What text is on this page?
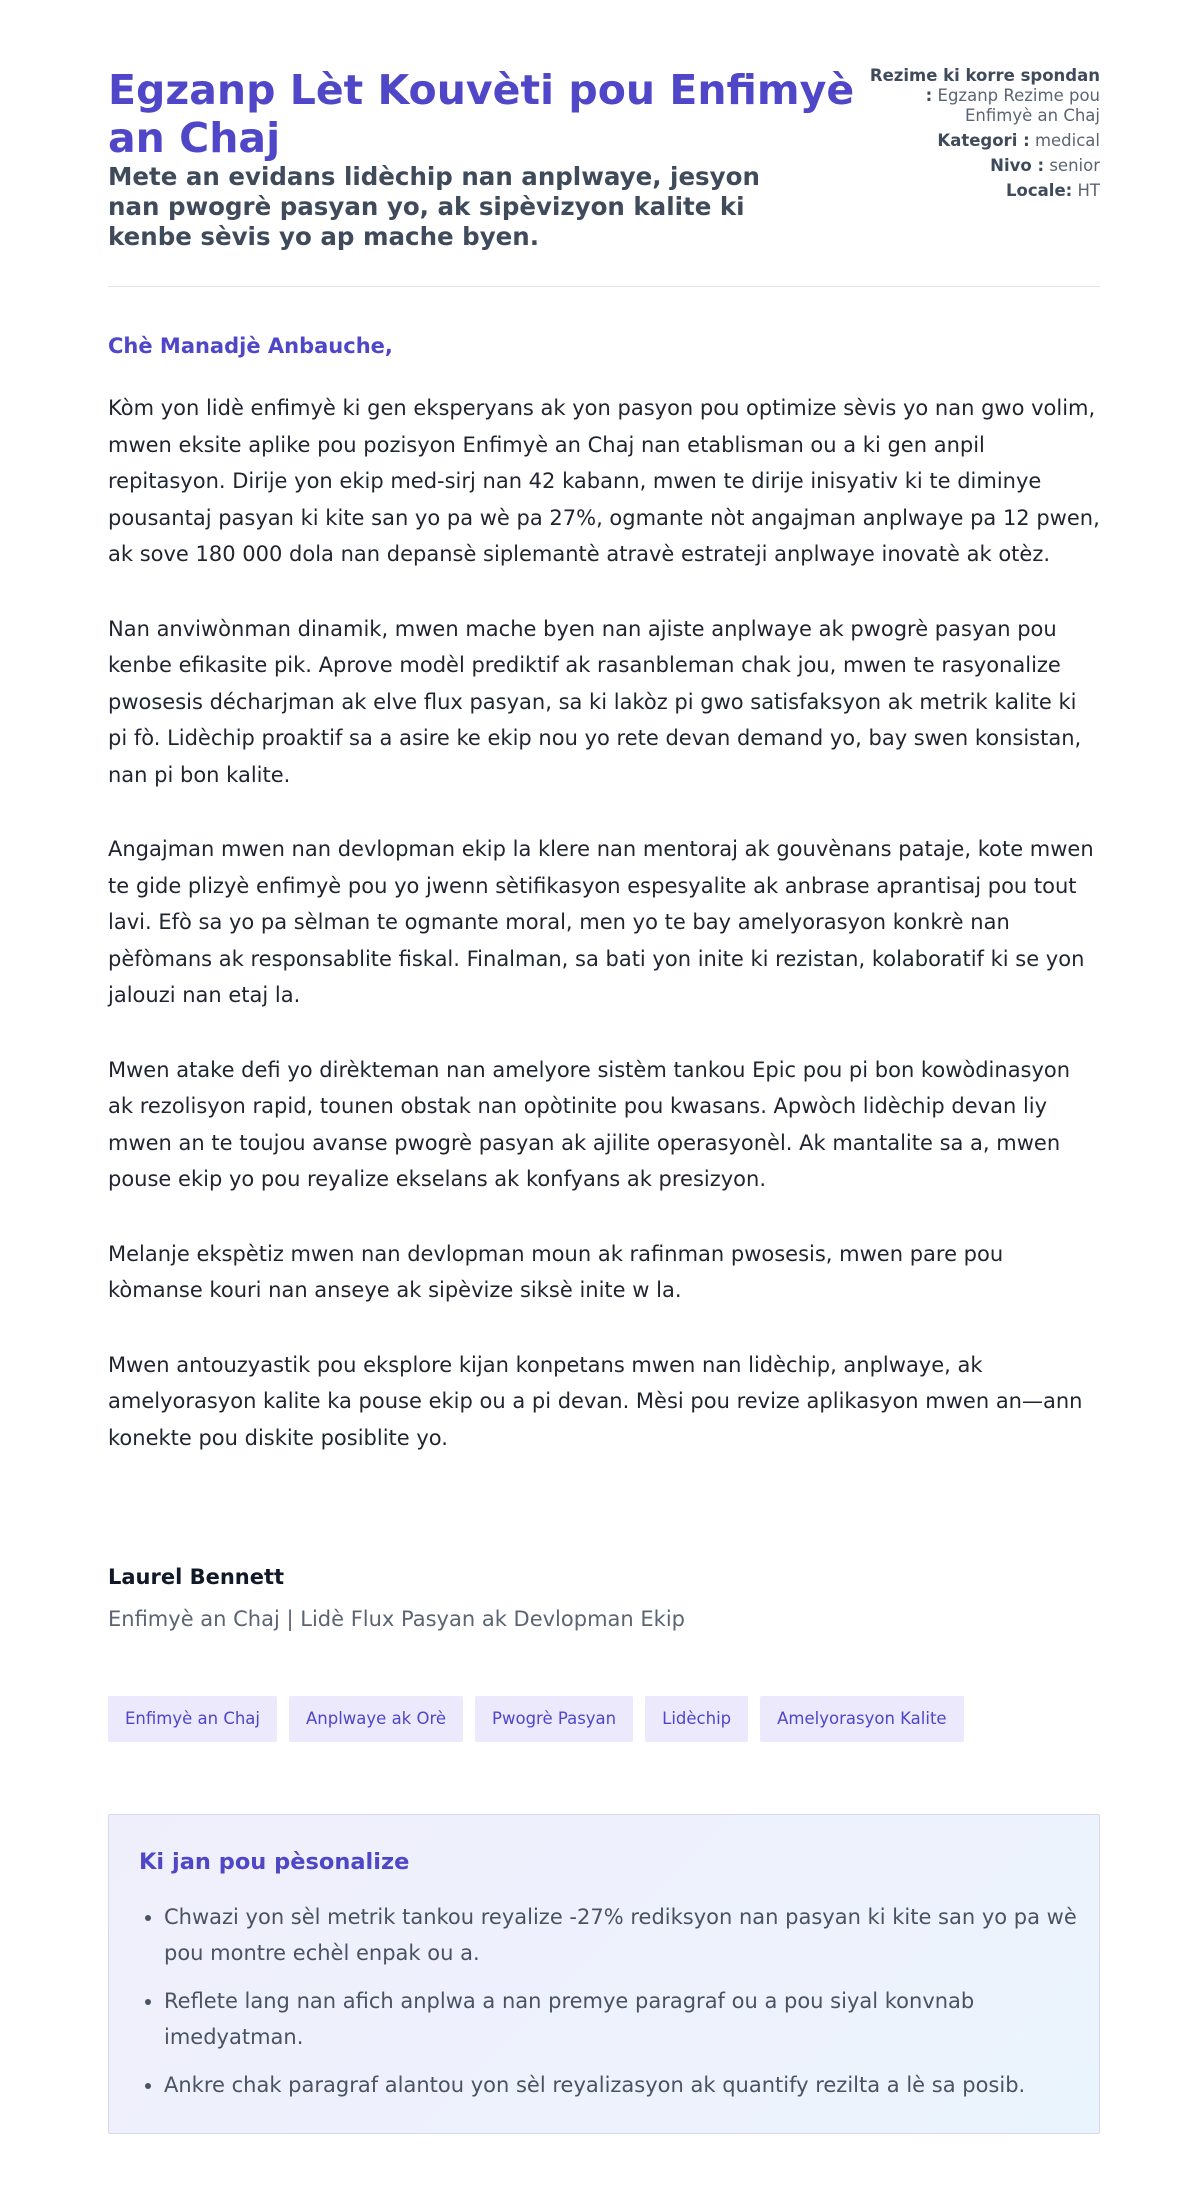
Egzanp Lèt Kouvèti pou Enfimyè an Chaj
Mete an evidans lidèchip nan anplwaye, jesyon nan pwogrè pasyan yo, ak sipèvizyon kalite ki kenbe sèvis yo ap mache byen.
Rezime ki korre spondan : Egzanp Rezime pou Enfimyè an Chaj
Kategori : medical
Nivo : senior
Locale: HT

Chè Manadjè Anbauche,

Kòm yon lidè enfimyè ki gen eksperyans ak yon pasyon pou optimize sèvis yo nan gwo volim, mwen eksite aplike pou pozisyon Enfimyè an Chaj nan etablisman ou a ki gen anpil repitasyon. Dirije yon ekip med-sirj nan 42 kabann, mwen te dirije inisyativ ki te diminye pousantaj pasyan ki kite san yo pa wè pa 27%, ogmante nòt angajman anplwaye pa 12 pwen, ak sove 180 000 dola nan depansè siplemantè atravè estrateji anplwaye inovatè ak otèz.

Nan anviwònman dinamik, mwen mache byen nan ajiste anplwaye ak pwogrè pasyan pou kenbe efikasite pik. Aprove modèl prediktif ak rasanbleman chak jou, mwen te rasyonalize pwosesis décharjman ak elve flux pasyan, sa ki lakòz pi gwo satisfaksyon ak metrik kalite ki pi fò. Lidèchip proaktif sa a asire ke ekip nou yo rete devan demand yo, bay swen konsistan, nan pi bon kalite.

Angajman mwen nan devlopman ekip la klere nan mentoraj ak gouvènans pataje, kote mwen te gide plizyè enfimyè pou yo jwenn sètifikasyon espesyalite ak anbrase aprantisaj pou tout lavi. Efò sa yo pa sèlman te ogmante moral, men yo te bay amelyorasyon konkrè nan pèfòmans ak responsablite fiskal. Finalman, sa bati yon inite ki rezistan, kolaboratif ki se yon jalouzi nan etaj la.

Mwen atake defi yo dirèkteman nan amelyore sistèm tankou Epic pou pi bon kowòdinasyon ak rezolisyon rapid, tounen obstak nan opòtinite pou kwasans. Apwòch lidèchip devan liy mwen an te toujou avanse pwogrè pasyan ak ajilite operasyonèl. Ak mantalite sa a, mwen pouse ekip yo pou reyalize ekselans ak konfyans ak presizyon.

Melanje ekspètiz mwen nan devlopman moun ak rafinman pwosesis, mwen pare pou kòmanse kouri nan anseye ak sipèvize siksè inite w la.

Mwen antouzyastik pou eksplore kijan konpetans mwen nan lidèchip, anplwaye, ak amelyorasyon kalite ka pouse ekip ou a pi devan. Mèsi pou revize aplikasyon mwen an—ann konekte pou diskite posiblite yo.

Laurel Bennett

Enfimyè an Chaj | Lidè Flux Pasyan ak Devlopman Ekip

Enfimyè an Chaj	Anplwaye ak Orè	Pwogrè Pasyan	Lidèchip	Amelyorasyon Kalite
Ki jan pou pèsonalize
• Chwazi yon sèl metrik tankou reyalize -27% rediksyon nan pasyan ki kite san yo pa wè pou montre echèl enpak ou a.
• Reflete lang nan afich anplwa a nan premye paragraf ou a pou siyal konvnab imedyatman.
• Ankre chak paragraf alantou yon sèl reyalizasyon ak quantify rezilta a lè sa posib.
